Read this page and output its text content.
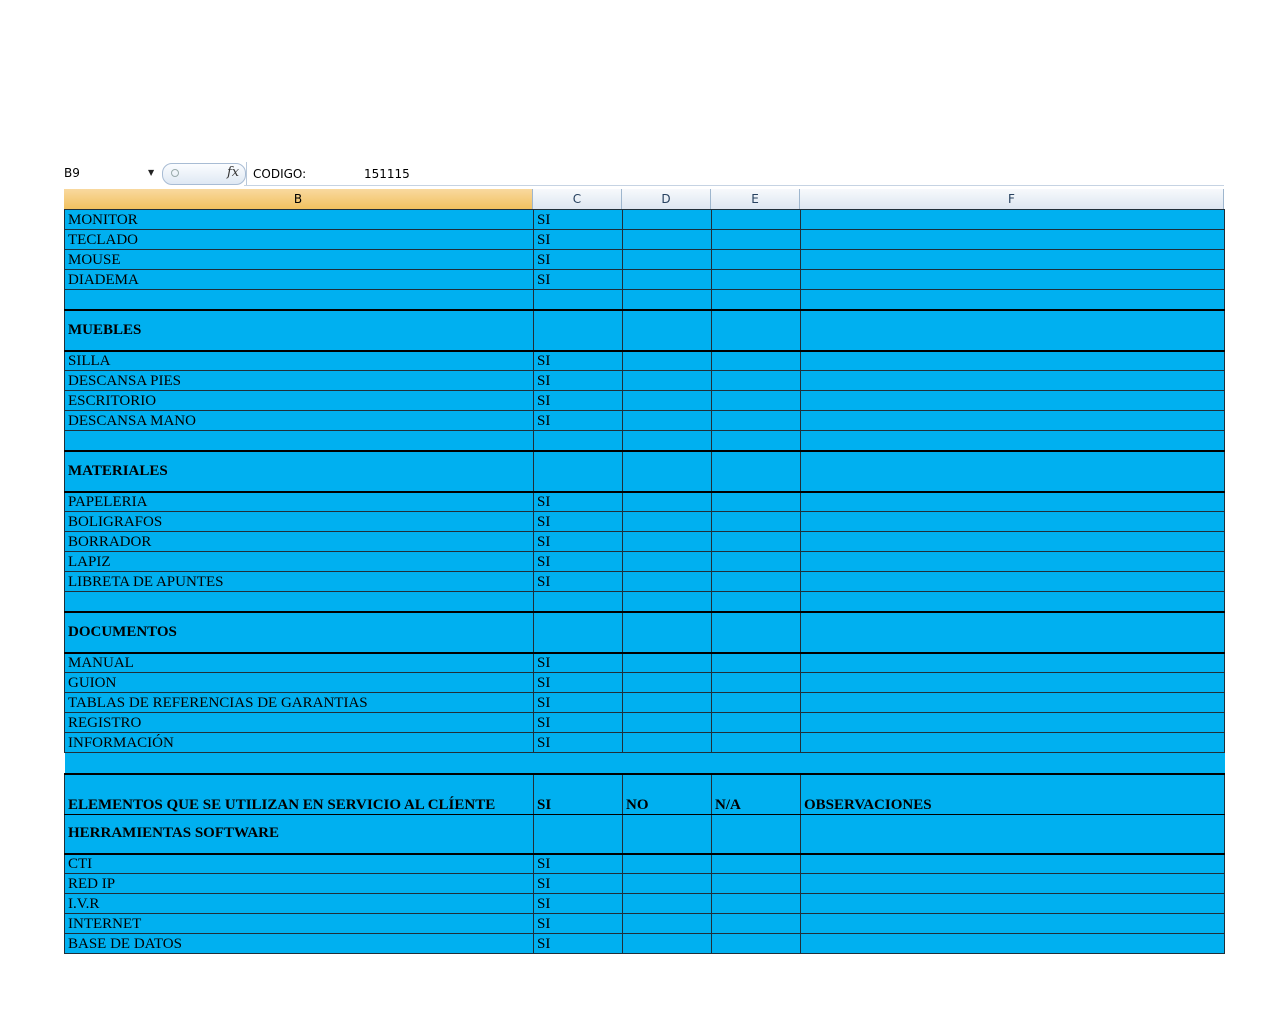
B9	▼	fx CODIGO:	151115
B	C	D	E	F
MONITOR	SI			
TECLADO	SI			
MOUSE	SI			
DIADEMA	SI			

MUEBLES				
SILLA	SI			
DESCANSA PIES	SI			
ESCRITORIO	SI			
DESCANSA MANO	SI			

MATERIALES				
PAPELERIA	SI			
BOLIGRAFOS	SI			
BORRADOR	SI			
LAPIZ	SI			
LIBRETA DE APUNTES	SI			

DOCUMENTOS				
MANUAL	SI			
GUION	SI			
TABLAS DE REFERENCIAS DE GARANTIAS	SI			
REGISTRO	SI			
INFORMACIÓN	SI			

ELEMENTOS QUE SE UTILIZAN EN SERVICIO AL CLÍENTE	SI	NO	N/A	OBSERVACIONES
HERRAMIENTAS SOFTWARE				
CTI	SI			
RED IP	SI			
I.V.R	SI			
INTERNET	SI			
BASE DE DATOS	SI			
